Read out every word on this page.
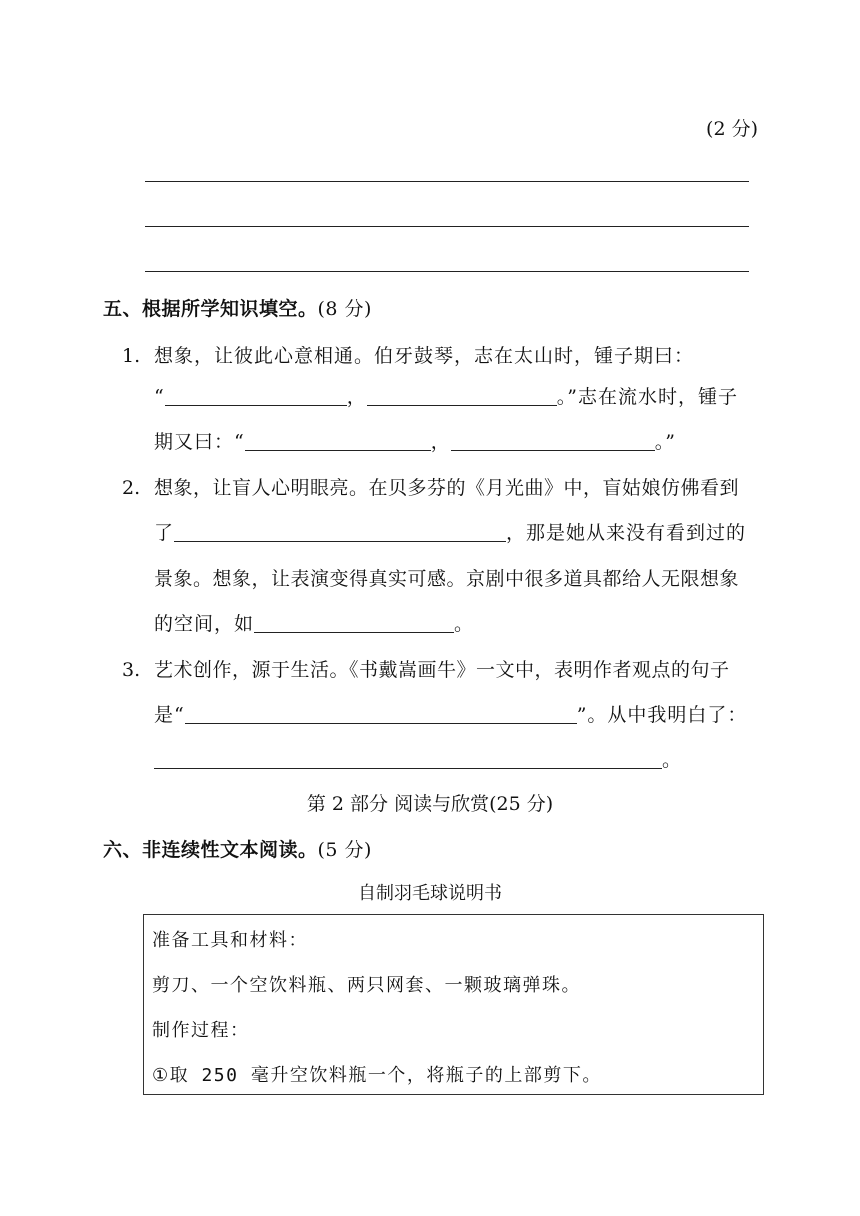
(2 分)
五、根据所学知识填空。(8 分)
1. 想象，让彼此心意相通。伯牙鼓琴，志在太山时，锺子期曰：
“	，	。”志在流水时，锺子
期又曰：“	，	。”
2. 想象，让盲人心明眼亮。在贝多芬的《月光曲》中，盲姑娘仿佛看到
了	，那是她从来没有看到过的
景象。想象，让表演变得真实可感。京剧中很多道具都给人无限想象
的空间，如	。
3. 艺术创作，源于生活。《书戴嵩画牛》一文中，表明作者观点的句子
是“	”。从中我明白了：
。
第 2 部分 阅读与欣赏(25 分)
六、非连续性文本阅读。(5 分)
自制羽毛球说明书
准备工具和材料：
剪刀、一个空饮料瓶、两只网套、一颗玻璃弹珠。
制作过程：
①取 250 毫升空饮料瓶一个，将瓶子的上部剪下。
